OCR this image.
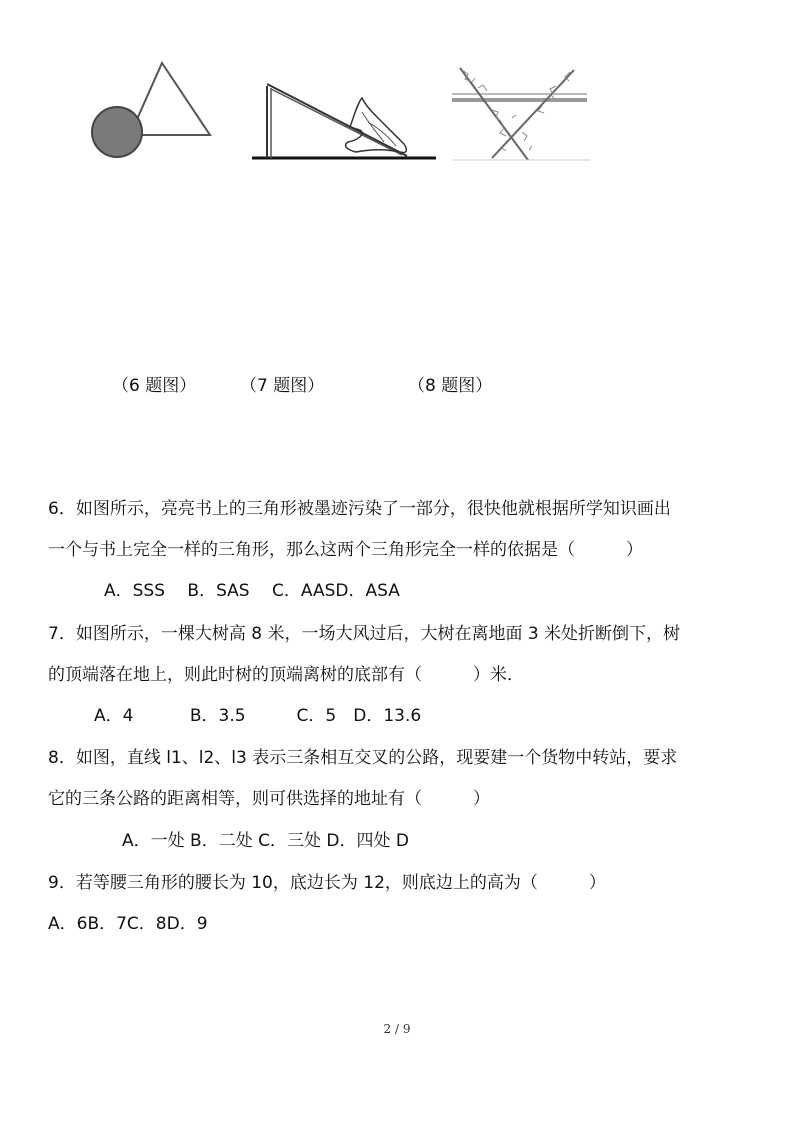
（6 题图）	（7 题图）	（8 题图）
6．如图所示，亮亮书上的三角形被墨迹污染了一部分，很快他就根据所学知识画出
一个与书上完全一样的三角形，那么这两个三角形完全一样的依据是（　　　）
A．SSS　 B．SAS　 C．AASD．ASA
7．如图所示，一棵大树高 8 米，一场大风过后，大树在离地面 3 米处折断倒下，树
的顶端落在地上，则此时树的顶端离树的底部有（　　　）米．
A．4　　　 B．3.5　　　C．5　D．13.6
8．如图，直线 l1、l2、l3 表示三条相互交叉的公路，现要建一个货物中转站，要求
它的三条公路的距离相等，则可供选择的地址有（　　　）
A．一处 B．二处 C．三处 D．四处 D
9．若等腰三角形的腰长为 10，底边长为 12，则底边上的高为（　　　）
A．6B．7C．8D．9
2 / 9
